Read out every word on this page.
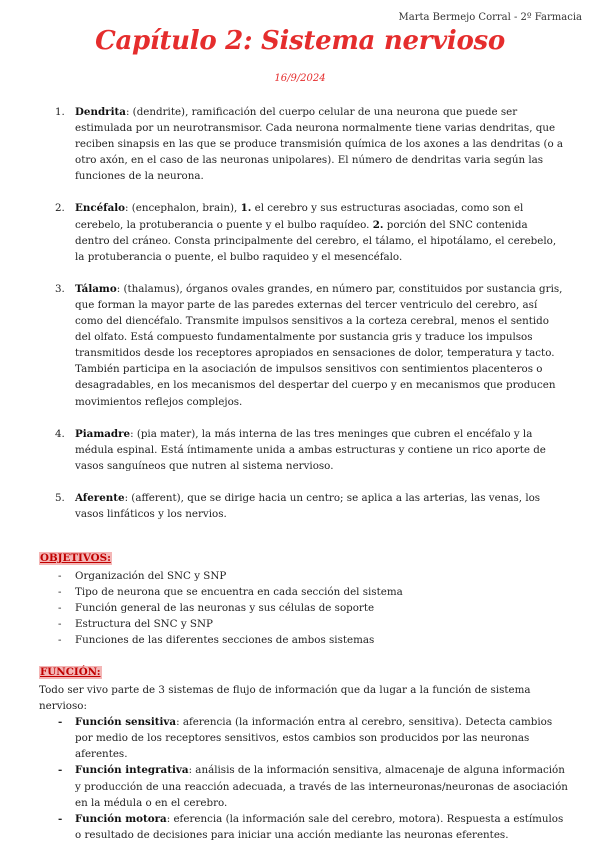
Marta Bermejo Corral - 2º Farmacia
Capítulo 2: Sistema nervioso
16/9/2024
1. Dendrita: (dendrite), ramificación del cuerpo celular de una neurona que puede ser estimulada por un neurotransmisor. Cada neurona normalmente tiene varias dendritas, que reciben sinapsis en las que se produce transmisión química de los axones a las dendritas (o a otro axón, en el caso de las neuronas unipolares). El número de dendritas varia según las funciones de la neurona.
2. Encéfalo: (encephalon, brain), 1. el cerebro y sus estructuras asociadas, como son el cerebelo, la protuberancia o puente y el bulbo raquídeo. 2. porción del SNC contenida dentro del cráneo. Consta principalmente del cerebro, el tálamo, el hipotálamo, el cerebelo, la protuberancia o puente, el bulbo raquideo y el mesencéfalo.
3. Tálamo: (thalamus), órganos ovales grandes, en número par, constituidos por sustancia gris, que forman la mayor parte de las paredes externas del tercer ventriculo del cerebro, así como del diencéfalo. Transmite impulsos sensitivos a la corteza cerebral, menos el sentido del olfato. Está compuesto fundamentalmente por sustancia gris y traduce los impulsos transmitidos desde los receptores apropiados en sensaciones de dolor, temperatura y tacto. También participa en la asociación de impulsos sensitivos con sentimientos placenteros o desagradables, en los mecanismos del despertar del cuerpo y en mecanismos que producen movimientos reflejos complejos.
4. Piamadre: (pia mater), la más interna de las tres meninges que cubren el encéfalo y la médula espinal. Está íntimamente unida a ambas estructuras y contiene un rico aporte de vasos sanguíneos que nutren al sistema nervioso.
5. Aferente: (afferent), que se dirige hacia un centro; se aplica a las arterias, las venas, los vasos linfáticos y los nervios.
OBJETIVOS:
- Organización del SNC y SNP
- Tipo de neurona que se encuentra en cada sección del sistema
- Función general de las neuronas y sus células de soporte
- Estructura del SNC y SNP
- Funciones de las diferentes secciones de ambos sistemas
FUNCIÓN:
Todo ser vivo parte de 3 sistemas de flujo de información que da lugar a la función de sistema nervioso:
- Función sensitiva: aferencia (la información entra al cerebro, sensitiva). Detecta cambios por medio de los receptores sensitivos, estos cambios son producidos por las neuronas aferentes.
- Función integrativa: análisis de la información sensitiva, almacenaje de alguna información y producción de una reacción adecuada, a través de las interneuronas/neuronas de asociación en la médula o en el cerebro.
- Función motora: eferencia (la información sale del cerebro, motora). Respuesta a estímulos o resultado de decisiones para iniciar una acción mediante las neuronas eferentes.
